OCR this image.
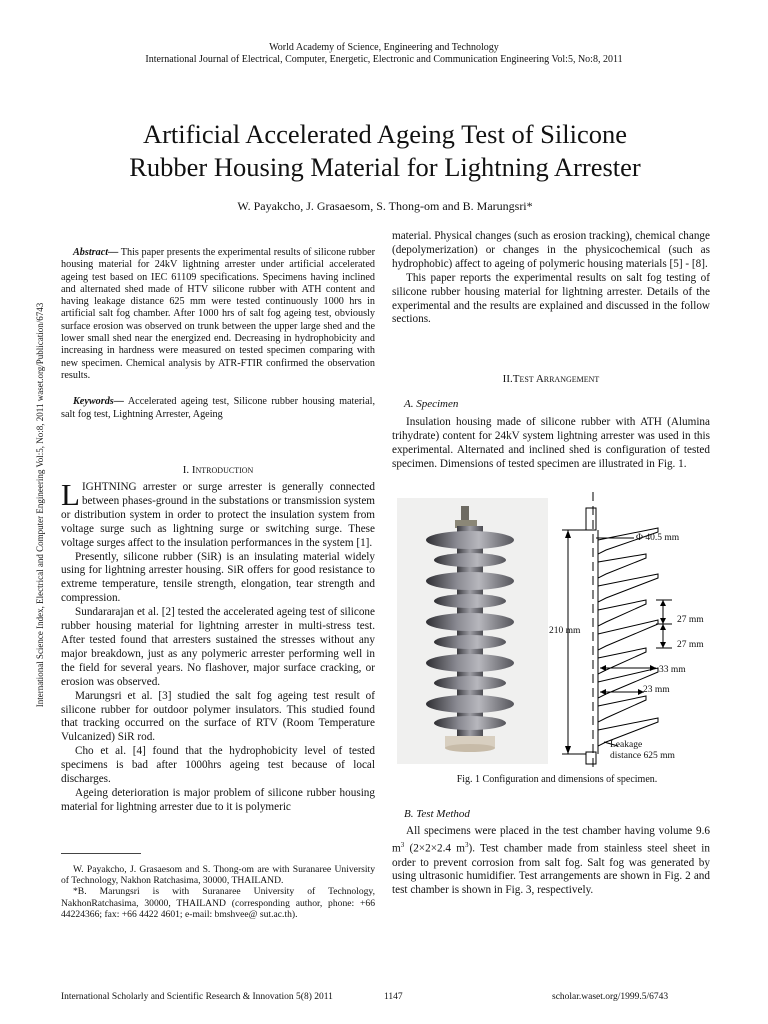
World Academy of Science, Engineering and Technology
International Journal of Electrical, Computer, Energetic, Electronic and Communication Engineering Vol:5, No:8, 2011
Artificial Accelerated Ageing Test of Silicone
Rubber Housing Material for Lightning Arrester
W. Payakcho, J. Grasaesom, S. Thong-om and B. Marungsri*
International Science Index, Electrical and Computer Engineering Vol:5, No:8, 2011 waset.org/Publication/6743

Abstract— This paper presents the experimental results of silicone rubber housing material for 24kV lightning arrester under artificial accelerated ageing test based on IEC 61109 specifications. Specimens having inclined and alternated shed made of HTV silicone rubber with ATH content and having leakage distance 625 mm were tested continuously 1000 hrs in artificial salt fog chamber. After 1000 hrs of salt fog ageing test, obviously surface erosion was observed on trunk between the upper large shed and the lower small shed near the energized end. Decreasing in hydrophobicity and increasing in hardness were measured on tested specimen comparing with new specimen. Chemical analysis by ATR-FTIR confirmed the observation results.

Keywords— Accelerated ageing test, Silicone rubber housing material, salt fog test, Lightning Arrester, Ageing

I. Introduction

LIGHTNING arrester or surge arrester is generally connected between phases-ground in the substations or transmission system or distribution system in order to protect the insulation system from voltage surge such as lightning surge or switching surge. These voltage surges affect to the insulation performances in the system [1].

Presently, silicone rubber (SiR) is an insulating material widely using for lightning arrester housing. SiR offers for good resistance to extreme temperature, tensile strength, elongation, tear strength and compression.

Sundararajan et al. [2] tested the accelerated ageing test of silicone rubber housing material for lightning arrester in multi-stress test. After tested found that arresters sustained the stresses without any major breakdown, just as any polymeric arrester performing well in the field for several years. No flashover, major surface cracking, or erosion was observed.

Marungsri et al. [3] studied the salt fog ageing test result of silicone rubber for outdoor polymer insulators. This studied found that tracking occurred on the surface of RTV (Room Temperature Vulcanized) SiR rod.

Cho et al. [4] found that the hydrophobicity level of tested specimens is bad after 1000hrs ageing test because of local discharges.

Ageing deterioration is major problem of silicone rubber housing material for lightning arrester due to it is polymeric

W. Payakcho, J. Grasaesom and S. Thong-om are with Suranaree University of Technology, Nakhon Ratchasima, 30000, THAILAND.

*B. Marungsri is with Suranaree University of Technology, NakhonRatchasima, 30000, THAILAND (corresponding author, phone: +66 44224366; fax: +66 4422 4601; e-mail: bmshvee@ sut.ac.th).

material. Physical changes (such as erosion tracking), chemical change (depolymerization) or changes in the physicochemical (such as hydrophobic) affect to ageing of polymeric housing materials [5] - [8].

This paper reports the experimental results on salt fog testing of silicone rubber housing material for lightning arrester. Details of the experimental and the results are explained and discussed in the follow sections.

II.Test Arrangement
A. Specimen

Insulation housing made of silicone rubber with ATH (Alumina trihydrate) content for 24kV system lightning arrester was used in this experimental. Alternated and inclined shed is configuration of tested specimen. Dimensions of tested specimen are illustrated in Fig. 1.

Φ 40.5 mm
210 mm
27 mm
27 mm
33 mm
23 mm
Leakage
distance 625 mm
Fig. 1 Configuration and dimensions of specimen.
B. Test Method

All specimens were placed in the test chamber having volume 9.6 $m^3$ (2×2×2.4 $m^3$). Test chamber made from stainless steel sheet in order to prevent corrosion from salt fog. Salt fog was generated by using ultrasonic humidifier. Test arrangements are shown in Fig. 2 and test chamber is shown in Fig. 3, respectively.

International Scholarly and Scientific Research & Innovation 5(8) 2011	1147	scholar.waset.org/1999.5/6743
